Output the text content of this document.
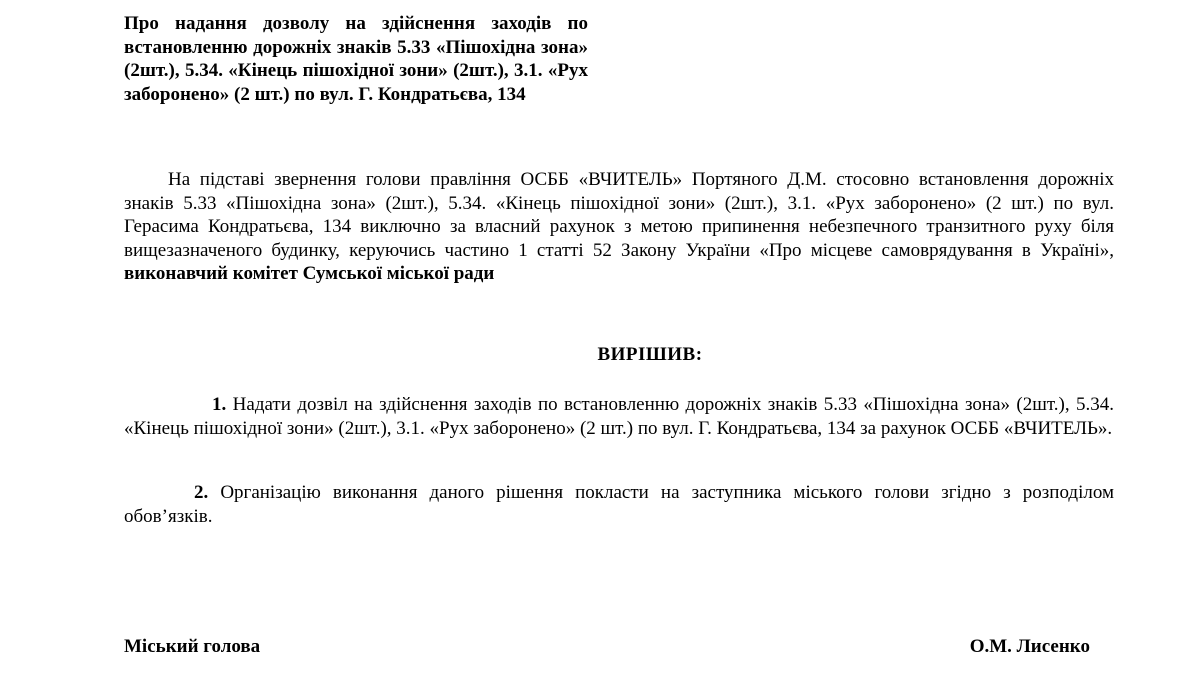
Про надання дозволу на здійснення заходів по встановленню дорожніх знаків 5.33 «Пішохідна зона» (2шт.), 5.34. «Кінець пішохідної зони» (2шт.), 3.1. «Рух заборонено» (2 шт.) по вул. Г. Кондратьєва, 134

На підставі звернення голови правління ОСББ «ВЧИТЕЛЬ» Портяного Д.М. стосовно встановлення дорожніх знаків 5.33 «Пішохідна зона» (2шт.), 5.34. «Кінець пішохідної зони» (2шт.), 3.1. «Рух заборонено» (2 шт.) по вул. Герасима Кондратьєва, 134 виключно за власний рахунок з метою припинення небезпечного транзитного руху біля вищезазначеного будинку, керуючись частино 1 статті 52 Закону України «Про місцеве самоврядування в Україні», виконавчий комітет Сумської міської ради

ВИРІШИВ:

1. Надати дозвіл на здійснення заходів по встановленню дорожніх знаків 5.33 «Пішохідна зона» (2шт.), 5.34. «Кінець пішохідної зони» (2шт.), 3.1. «Рух заборонено» (2 шт.) по вул. Г. Кондратьєва, 134 за рахунок ОСББ «ВЧИТЕЛЬ».

2. Організацію виконання даного рішення покласти на заступника міського голови згідно з розподілом обов’язків.

Міський голова	О.М. Лисенко
